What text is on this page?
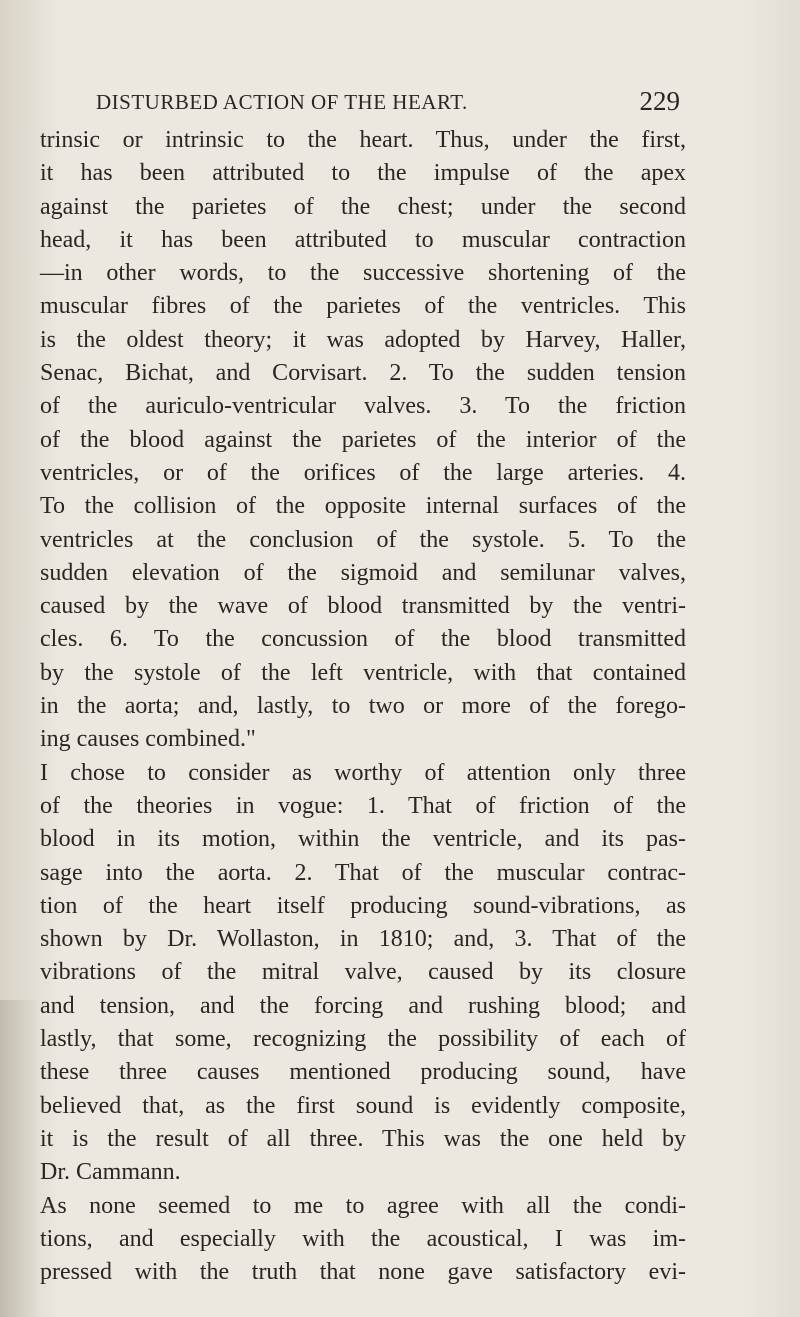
DISTURBED ACTION OF THE HEART.	229
trinsic or intrinsic to the heart. Thus, under the first,
it has been attributed to the impulse of the apex
against the parietes of the chest; under the second
head, it has been attributed to muscular contraction
—in other words, to the successive shortening of the
muscular fibres of the parietes of the ventricles. This
is the oldest theory; it was adopted by Harvey, Haller,
Senac, Bichat, and Corvisart. 2. To the sudden tension
of the auriculo-ventricular valves. 3. To the friction
of the blood against the parietes of the interior of the
ventricles, or of the orifices of the large arteries. 4.
To the collision of the opposite internal surfaces of the
ventricles at the conclusion of the systole. 5. To the
sudden elevation of the sigmoid and semilunar valves,
caused by the wave of blood transmitted by the ventri-
cles. 6. To the concussion of the blood transmitted
by the systole of the left ventricle, with that contained
in the aorta; and, lastly, to two or more of the forego-
ing causes combined."
I chose to consider as worthy of attention only three
of the theories in vogue: 1. That of friction of the
blood in its motion, within the ventricle, and its pas-
sage into the aorta. 2. That of the muscular contrac-
tion of the heart itself producing sound-vibrations, as
shown by Dr. Wollaston, in 1810; and, 3. That of the
vibrations of the mitral valve, caused by its closure
and tension, and the forcing and rushing blood; and
lastly, that some, recognizing the possibility of each of
these three causes mentioned producing sound, have
believed that, as the first sound is evidently composite,
it is the result of all three. This was the one held by
Dr. Cammann.
As none seemed to me to agree with all the condi-
tions, and especially with the acoustical, I was im-
pressed with the truth that none gave satisfactory evi-
